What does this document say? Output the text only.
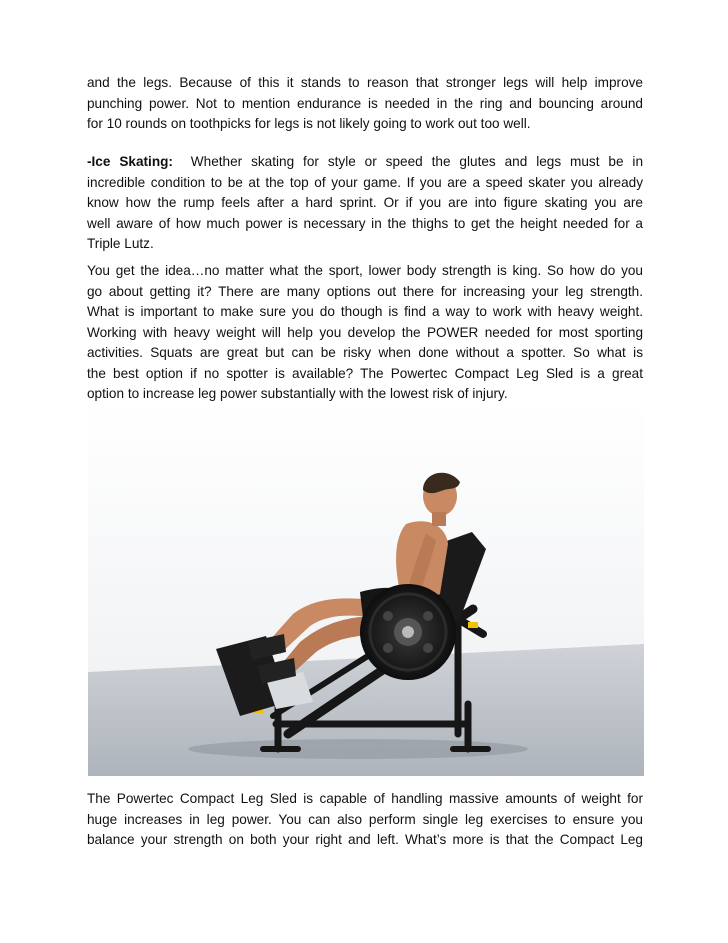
and the legs. Because of this it stands to reason that stronger legs will help improve
punching power. Not to mention endurance is needed in the ring and bouncing around
for 10 rounds on toothpicks for legs is not likely going to work out too well.
-Ice Skating: Whether skating for style or speed the glutes and legs must be in
incredible condition to be at the top of your game. If you are a speed skater you already
know how the rump feels after a hard sprint. Or if you are into figure skating you are
well aware of how much power is necessary in the thighs to get the height needed for a
Triple Lutz.
You get the idea…no matter what the sport, lower body strength is king. So how do you
go about getting it? There are many options out there for increasing your leg strength.
What is important to make sure you do though is find a way to work with heavy weight.
Working with heavy weight will help you develop the POWER needed for most sporting
activities. Squats are great but can be risky when done without a spotter. So what is
the best option if no spotter is available? The Powertec Compact Leg Sled is a great
option to increase leg power substantially with the lowest risk of injury.
The Powertec Compact Leg Sled is capable of handling massive amounts of weight for
huge increases in leg power. You can also perform single leg exercises to ensure you
balance your strength on both your right and left. What’s more is that the Compact Leg
